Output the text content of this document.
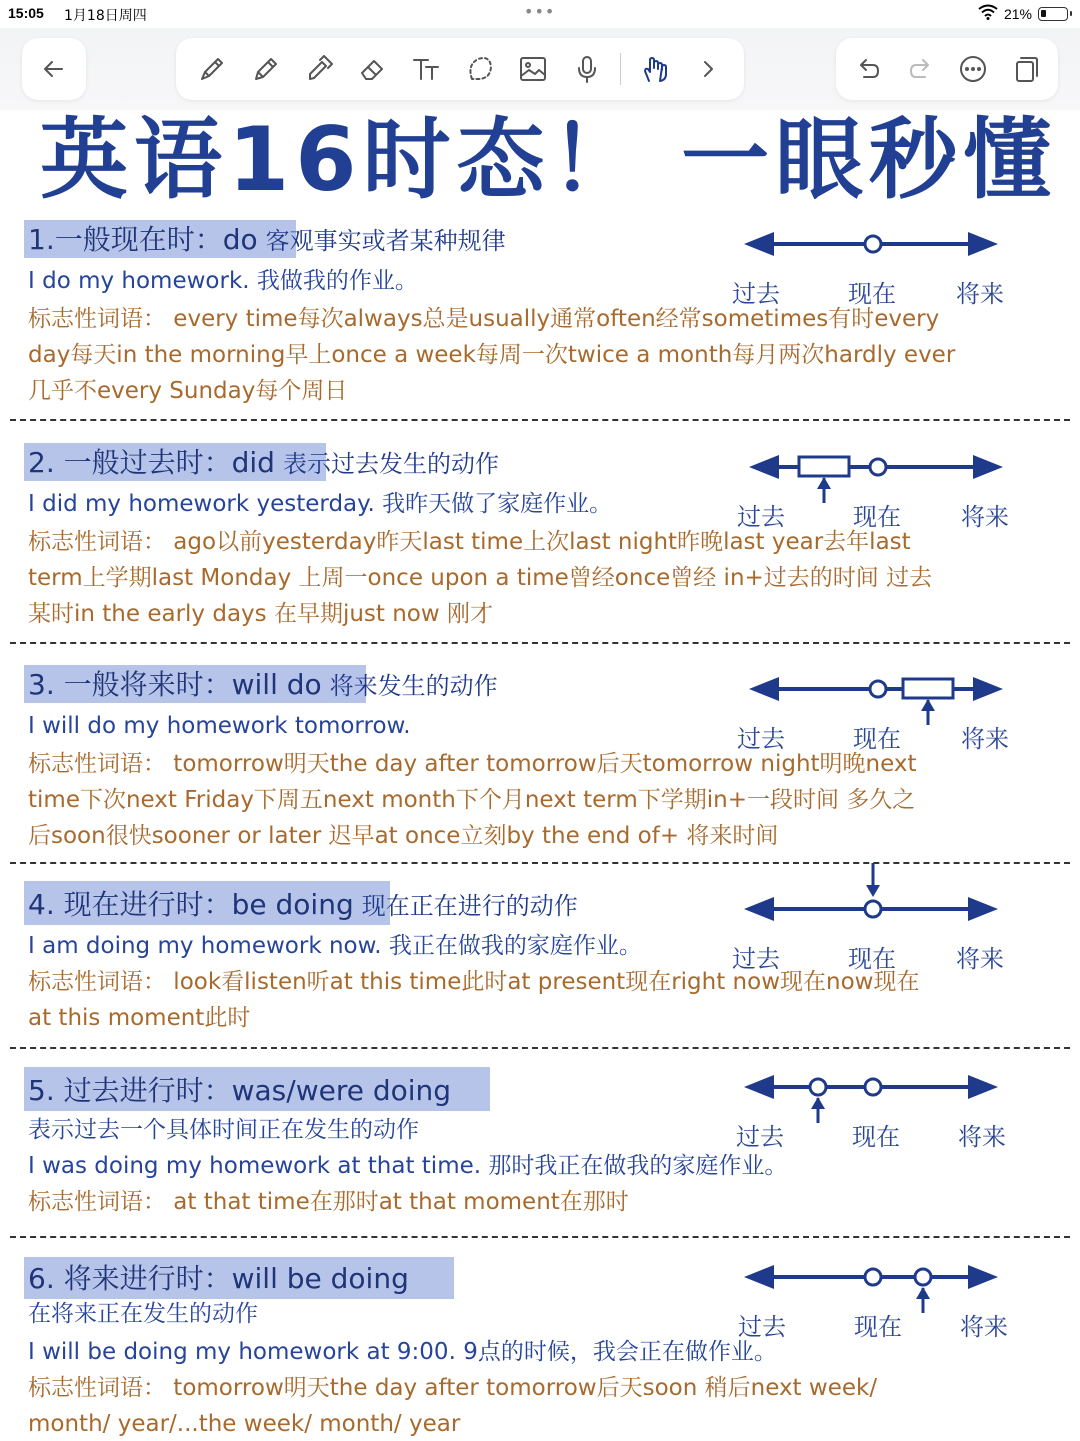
15:05 1月18日周四	•••	21%
英语16时态！ 一眼秒懂
1.一般现在时：do 客观事实或者某种规律
I do my homework. 我做我的作业。
标志性词语： every time每次always总是usually通常often经常sometimes有时every
day每天in the morning早上once a week每周一次twice a month每月两次hardly ever
几乎不every Sunday每个周日
过去	现在	将来
2. 一般过去时：did 表示过去发生的动作
I did my homework yesterday. 我昨天做了家庭作业。
标志性词语： ago以前yesterday昨天last time上次last night昨晚last year去年last
term上学期last Monday 上周一once upon a time曾经once曾经 in+过去的时间 过去
某时in the early days 在早期just now 刚才
过去	现在	将来
3. 一般将来时：will do 将来发生的动作
I will do my homework tomorrow.
标志性词语： tomorrow明天the day after tomorrow后天tomorrow night明晚next
time下次next Friday下周五next month下个月next term下学期in+一段时间 多久之
后soon很快sooner or later 迟早at once立刻by the end of+ 将来时间
过去	现在	将来
4. 现在进行时：be doing 现在正在进行的动作
I am doing my homework now. 我正在做我的家庭作业。
标志性词语： look看listen听at this time此时at present现在right now现在now现在
at this moment此时
过去	现在	将来
5. 过去进行时：was/were doing
表示过去一个具体时间正在发生的动作
I was doing my homework at that time. 那时我正在做我的家庭作业。
标志性词语： at that time在那时at that moment在那时
过去	现在 将来
6. 将来进行时：will be doing
在将来正在发生的动作
I will be doing my homework at 9:00. 9点的时候，我会正在做作业。
标志性词语： tomorrow明天the day after tomorrow后天soon 稍后next week/
month/ year/...the week/ month/ year
过去	现在 将来
